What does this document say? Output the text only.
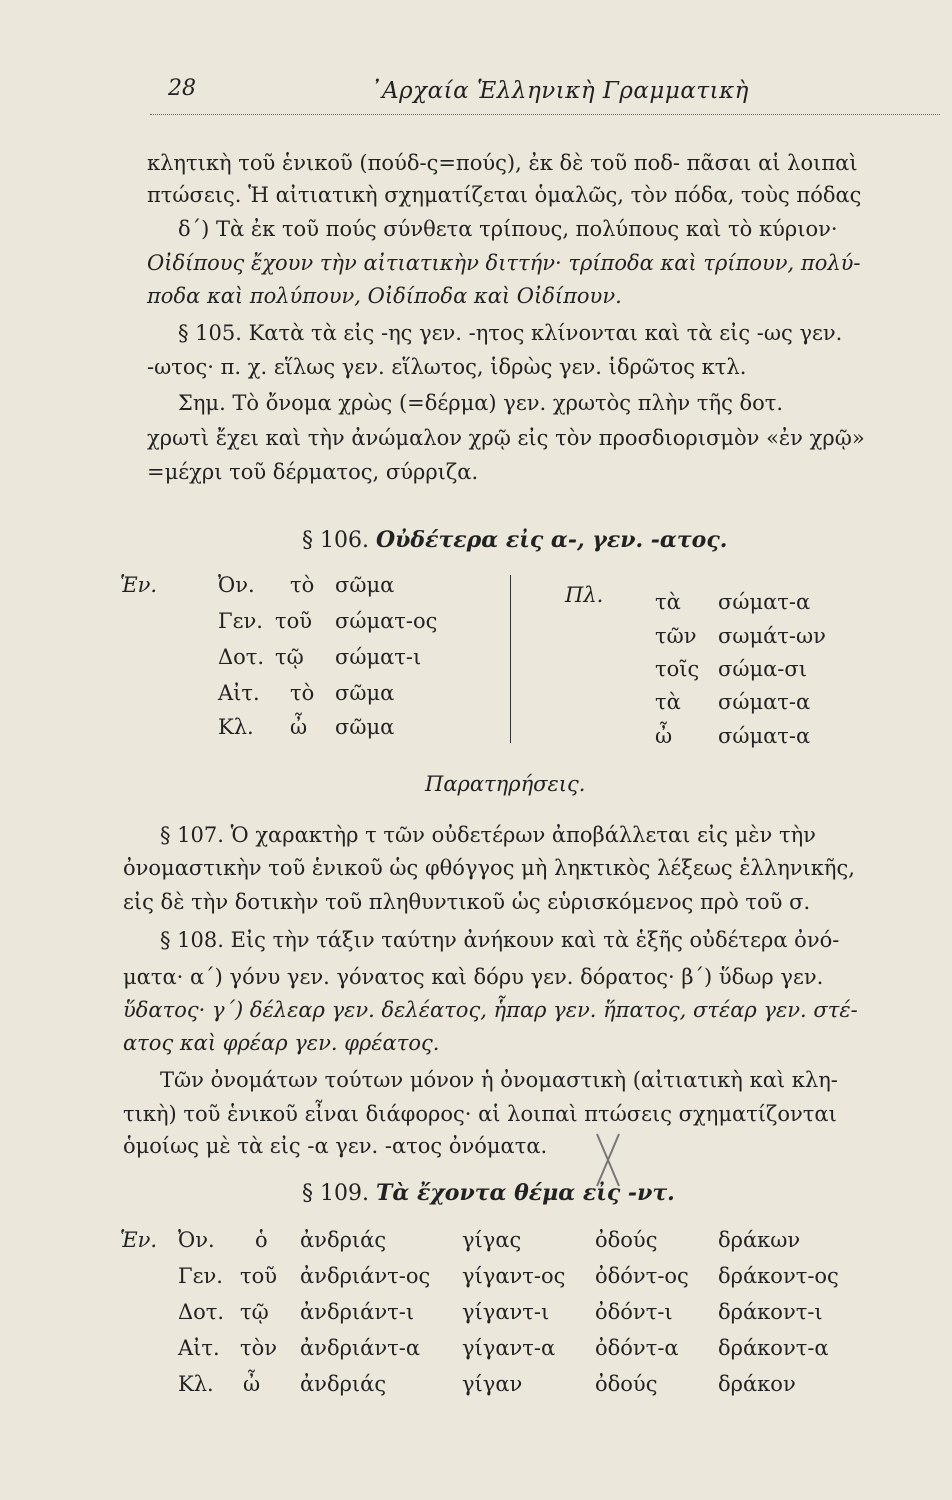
28	᾿Αρχαία Ἑλληνικὴ Γραμματικὴ
κλητικὴ τοῦ ἑνικοῦ (πούδ-ς=πούς), ἐκ δὲ τοῦ ποδ- πᾶσαι αἱ λοιπαὶ
πτώσεις. Ἡ αἰτιατικὴ σχηματίζεται ὁμαλῶς, τὸν πόδα, τοὺς πόδας
δ΄) Τὰ ἐκ τοῦ πούς σύνθετα τρίπους, πολύπους καὶ τὸ κύριον·
Οἰδίπους ἔχουν τὴν αἰτιατικὴν διττήν· τρίποδα καὶ τρίπουν, πολύ-
ποδα καὶ πολύπουν, Οἰδίποδα καὶ Οἰδίπουν.
§ 105. Κατὰ τὰ εἰς -ης γεν. -ητος κλίνονται καὶ τὰ εἰς -ως γεν.
-ωτος· π. χ. εἵλως γεν. εἵλωτος, ἱδρὼς γεν. ἱδρῶτος κτλ.
Σημ. Τὸ ὄνομα χρὼς (=δέρμα) γεν. χρωτὸς πλὴν τῆς δοτ.
χρωτὶ ἔχει καὶ τὴν ἀνώμαλον χρῷ εἰς τὸν προσδιορισμὸν «ἐν χρῷ»
=μέχρι τοῦ δέρματος, σύρριζα.
§ 106. Οὐδέτερα εἰς α-, γεν. -ατος.
Ἑν.	Ὀν.
Γεν.
Δοτ.
Αἰτ.
Κλ.
τὸ
τοῦ
τῷ
τὸ
ὦ
σῶμα
σώματ-ος
σώματ-ι
σῶμα
σῶμα
Πλ. τὰ
τῶν
τοῖς
τὰ
ὦ
σώματ-α
σωμάτ-ων
σώμα-σι
σώματ-α
σώματ-α
Παρατηρήσεις.
§ 107. Ὁ χαρακτὴρ τ τῶν οὐδετέρων ἀποβάλλεται εἰς μὲν τὴν
ὀνομαστικὴν τοῦ ἑνικοῦ ὡς φθόγγος μὴ ληκτικὸς λέξεως ἑλληνικῆς,
εἰς δὲ τὴν δοτικὴν τοῦ πληθυντικοῦ ὡς εὑρισκόμενος πρὸ τοῦ σ.
§ 108. Εἰς τὴν τάξιν ταύτην ἀνήκουν καὶ τὰ ἑξῆς οὐδέτερα ὀνό-
ματα· α΄) γόνυ γεν. γόνατος καὶ δόρυ γεν. δόρατος· β΄) ὕδωρ γεν.
ὕδατος· γ΄) δέλεαρ γεν. δελέατος, ἧπαρ γεν. ἥπατος, στέαρ γεν. στέ-
ατος καὶ φρέαρ γεν. φρέατος.
Τῶν ὀνομάτων τούτων μόνον ἡ ὀνομαστικὴ (αἰτιατικὴ καὶ κλη-
τικὴ) τοῦ ἑνικοῦ εἶναι διάφορος· αἱ λοιπαὶ πτώσεις σχηματίζονται
ὁμοίως μὲ τὰ εἰς -α γεν. -ατος ὀνόματα.
§ 109. Τὰ ἔχοντα θέμα εἰς -ντ.
Ἑν. Ὀν.
Γεν.
Δοτ.
Αἰτ.
Κλ.
ὁ
τοῦ
τῷ
τὸν
ὦ
ἀνδριάς
ἀνδριάντ-ος
ἀνδριάντ-ι
ἀνδριάντ-α
ἀνδριάς
γίγας
γίγαντ-ος
γίγαντ-ι
γίγαντ-α
γίγαν
ὀδούς
ὀδόντ-ος
ὀδόντ-ι
ὀδόντ-α
ὀδούς
δράκων
δράκοντ-ος
δράκοντ-ι
δράκοντ-α
δράκον
